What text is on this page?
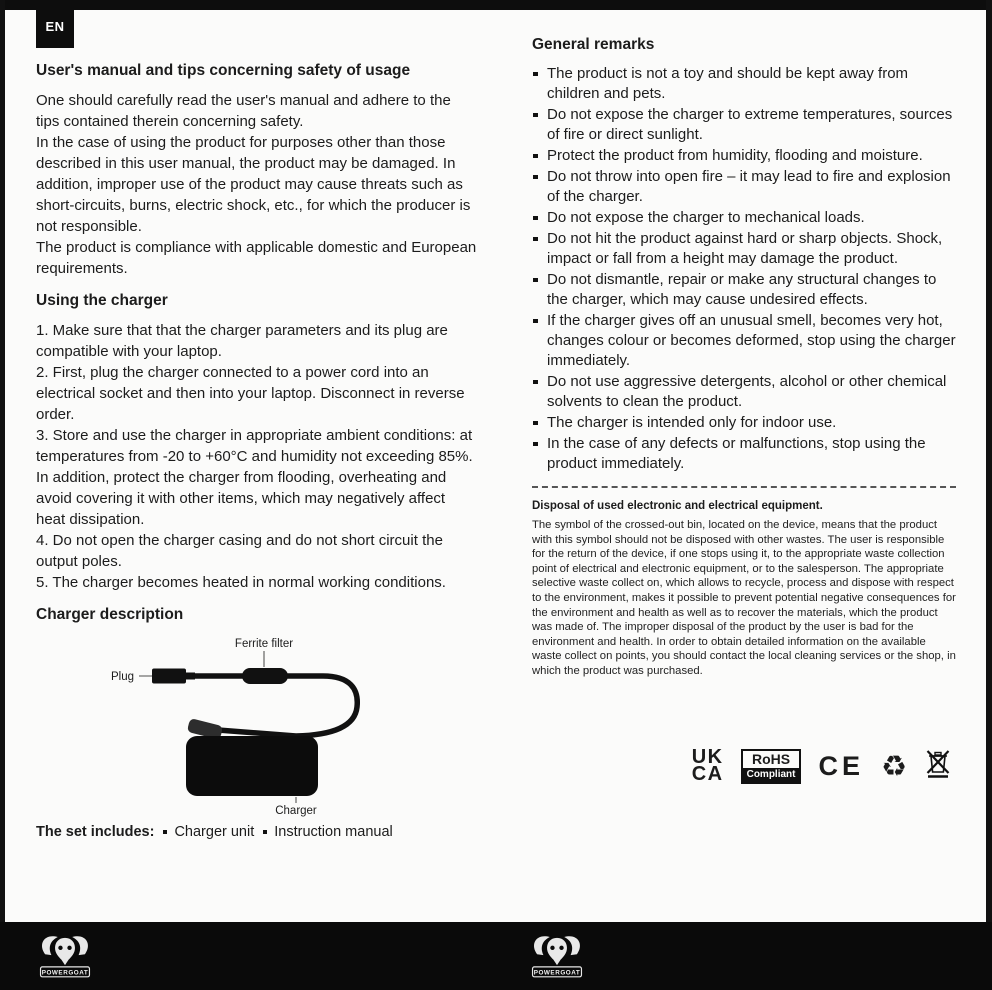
EN
User's manual and tips concerning safety of usage

One should carefully read the user's manual and adhere to the tips contained therein concerning safety.

In the case of using the product for purposes other than those described in this user manual, the product may be damaged. In addition, improper use of the product may cause threats such as short-circuits, burns, electric shock, etc., for which the producer is not responsible.

The product is compliance with applicable domestic and European requirements.

Using the charger

1. Make sure that that the charger parameters and its plug are compatible with your laptop.

2. First, plug the charger connected to a power cord into an electrical socket and then into your laptop. Disconnect in reverse order.

3. Store and use the charger in appropriate ambient conditions: at temperatures from -20 to +60°C and humidity not exceeding 85%. In addition, protect the charger from flooding, overheating and avoid covering it with other items, which may negatively affect heat dissipation.

4. Do not open the charger casing and do not short circuit the output poles.

5. The charger becomes heated in normal working conditions.

Charger description
Ferrite filter
Plug
Charger
The set includes:	Charger unit	Instruction manual
General remarks
The product is not a toy and should be kept away from children and pets.
Do not expose the charger to extreme temperatures, sources of fire or direct sunlight.
Protect the product from humidity, flooding and moisture.
Do not throw into open fire – it may lead to fire and explosion of the charger.
Do not expose the charger to mechanical loads.
Do not hit the product against hard or sharp objects. Shock, impact or fall from a height may damage the product.
Do not dismantle, repair or make any structural changes to the charger, which may cause undesired effects.
If the charger gives off an unusual smell, becomes very hot, changes colour or becomes deformed, stop using the charger immediately.
Do not use aggressive detergents, alcohol or other chemical solvents to clean the product.
The charger is intended only for indoor use.
In the case of any defects or malfunctions, stop using the product immediately.
Disposal of used electronic and electrical equipment.
The symbol of the crossed-out bin, located on the device, means that the product with this symbol should not be disposed with other wastes. The user is responsible for the return of the device, if one stops using it, to the appropriate waste collection point of electrical and electronic equipment, or to the salesperson. The appropriate selective waste collect on, which allows to recycle, process and dispose with respect to the environment, makes it possible to prevent potential negative consequences for the environment and health as well as to recover the materials, which the product was made of. The improper disposal of the product by the user is bad for the environment and health. In order to obtain detailed information on the available waste collect on points, you should contact the local cleaning services or the shop, in which the product was purchased.
UK
CA
RoHS
Compliant CE ♻
POWERGOAT	POWERGOAT
